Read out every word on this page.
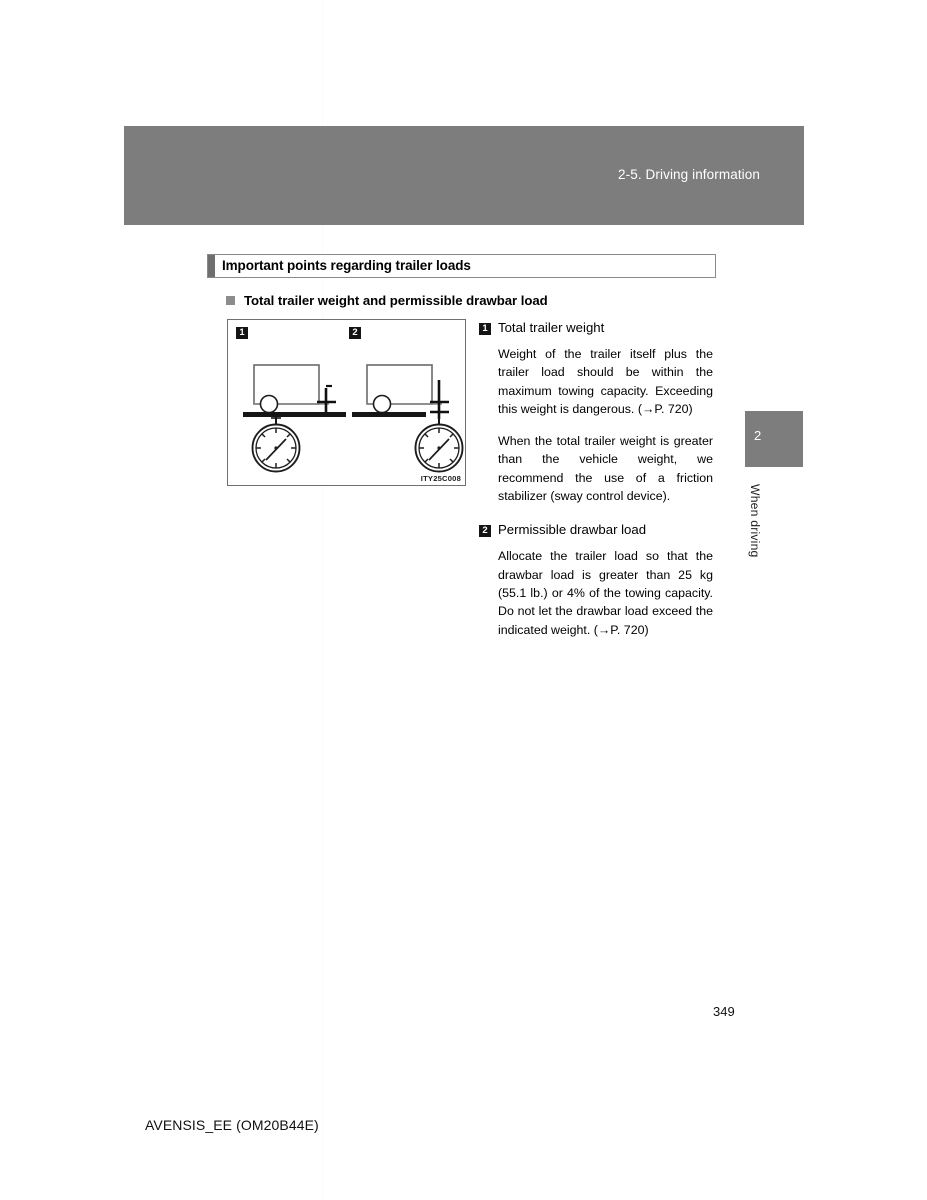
2-5. Driving information
Important points regarding trailer loads
Total trailer weight and permissible drawbar load
1	2
ITY25C008
1 Total trailer weight

Weight of the trailer itself plus the trailer load should be within the maximum towing capacity. Exceeding this weight is dangerous. (→P. 720)

When the total trailer weight is greater than the vehicle weight, we recommend the use of a friction stabilizer (sway control device).

2 Permissible drawbar load

Allocate the trailer load so that the drawbar load is greater than 25 kg (55.1 lb.) or 4% of the towing capacity. Do not let the drawbar load exceed the indicated weight. (→P. 720)

2
When driving
349
AVENSIS_EE (OM20B44E)
